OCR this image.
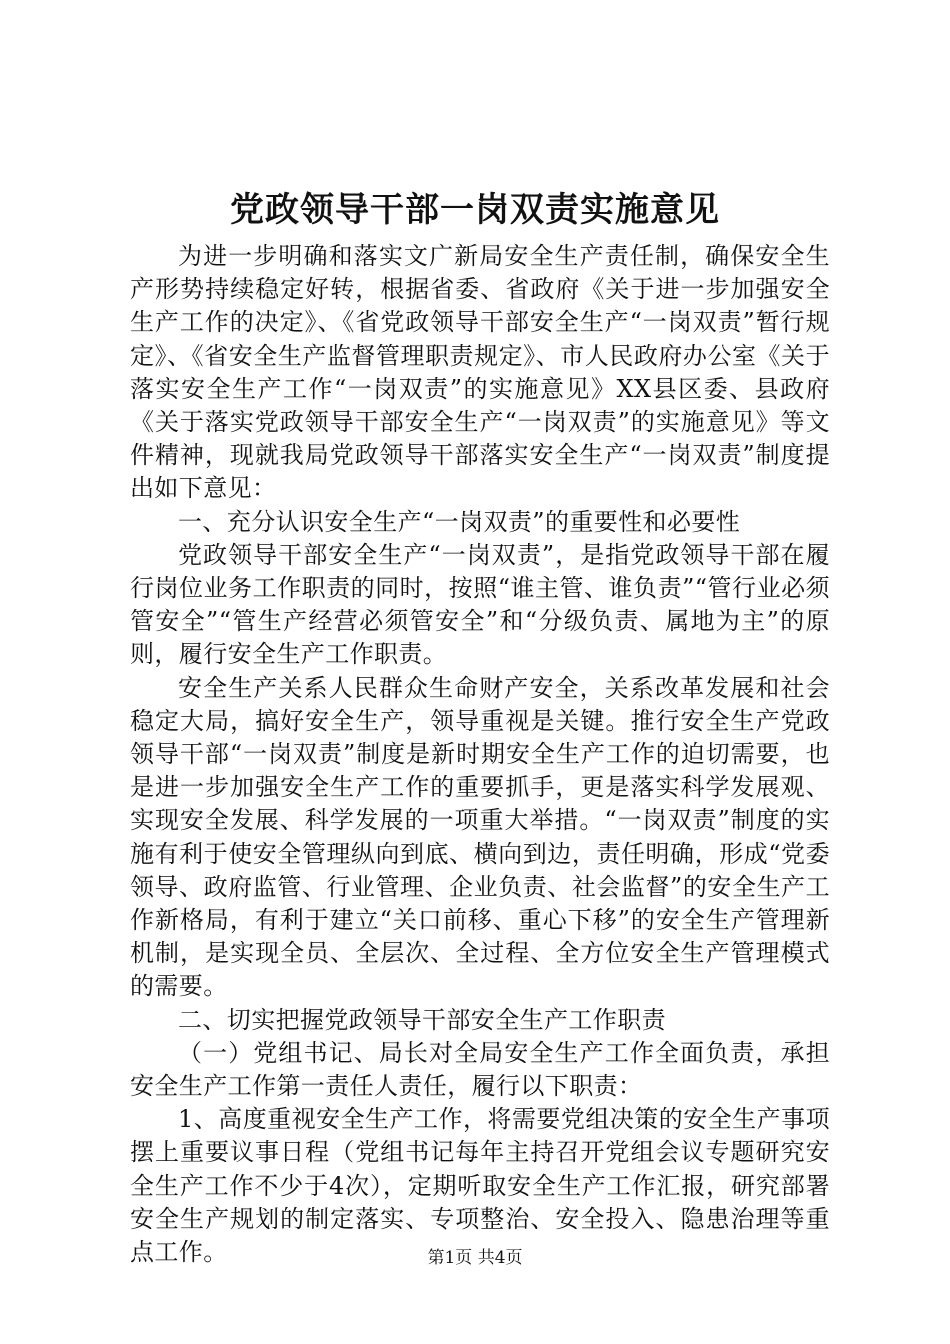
党政领导干部一岗双责实施意见

为进一步明确和落实文广新局安全生产责任制，确保安全生产形势持续稳定好转，根据省委、省政府《关于进一步加强安全生产工作的决定》、《省党政领导干部安全生产“一岗双责”暂行规定》、《省安全生产监督管理职责规定》、市人民政府办公室《关于落实安全生产工作“一岗双责”的实施意见》XX县区委、县政府《关于落实党政领导干部安全生产“一岗双责”的实施意见》等文件精神，现就我局党政领导干部落实安全生产“一岗双责”制度提出如下意见：

一、充分认识安全生产“一岗双责”的重要性和必要性

党政领导干部安全生产“一岗双责”，是指党政领导干部在履行岗位业务工作职责的同时，按照“谁主管、谁负责”“管行业必须管安全”“管生产经营必须管安全”和“分级负责、属地为主”的原则，履行安全生产工作职责。

安全生产关系人民群众生命财产安全，关系改革发展和社会稳定大局，搞好安全生产，领导重视是关键。推行安全生产党政领导干部“一岗双责”制度是新时期安全生产工作的迫切需要，也是进一步加强安全生产工作的重要抓手，更是落实科学发展观、实现安全发展、科学发展的一项重大举措。“一岗双责”制度的实施有利于使安全管理纵向到底、横向到边，责任明确，形成“党委领导、政府监管、行业管理、企业负责、社会监督”的安全生产工作新格局，有利于建立“关口前移、重心下移”的安全生产管理新机制，是实现全员、全层次、全过程、全方位安全生产管理模式的需要。

二、切实把握党政领导干部安全生产工作职责

（一）党组书记、局长对全局安全生产工作全面负责，承担安全生产工作第一责任人责任，履行以下职责：

1、高度重视安全生产工作，将需要党组决策的安全生产事项摆上重要议事日程（党组书记每年主持召开党组会议专题研究安全生产工作不少于4次），定期听取安全生产工作汇报，研究部署安全生产规划的制定落实、专项整治、安全投入、隐患治理等重点工作。	第1页 共4页
